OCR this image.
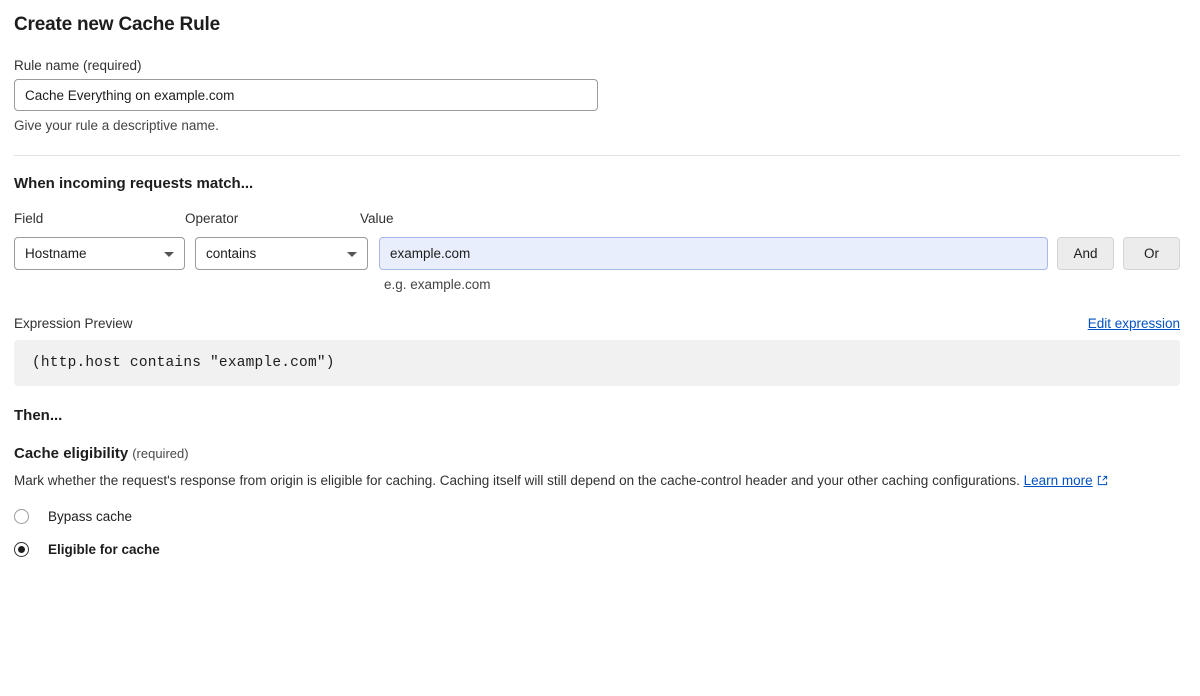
Create new Cache Rule
Rule name (required)
Cache Everything on example.com
Give your rule a descriptive name.
When incoming requests match...
Field	Operator	Value
Hostname	contains	example.com	And	Or
e.g. example.com
Expression Preview	Edit expression
(http.host contains "example.com")
Then...
Cache eligibility (required)
Mark whether the request's response from origin is eligible for caching. Caching itself will still depend on the cache-control header and your other caching configurations. Learn more
Bypass cache
Eligible for cache
